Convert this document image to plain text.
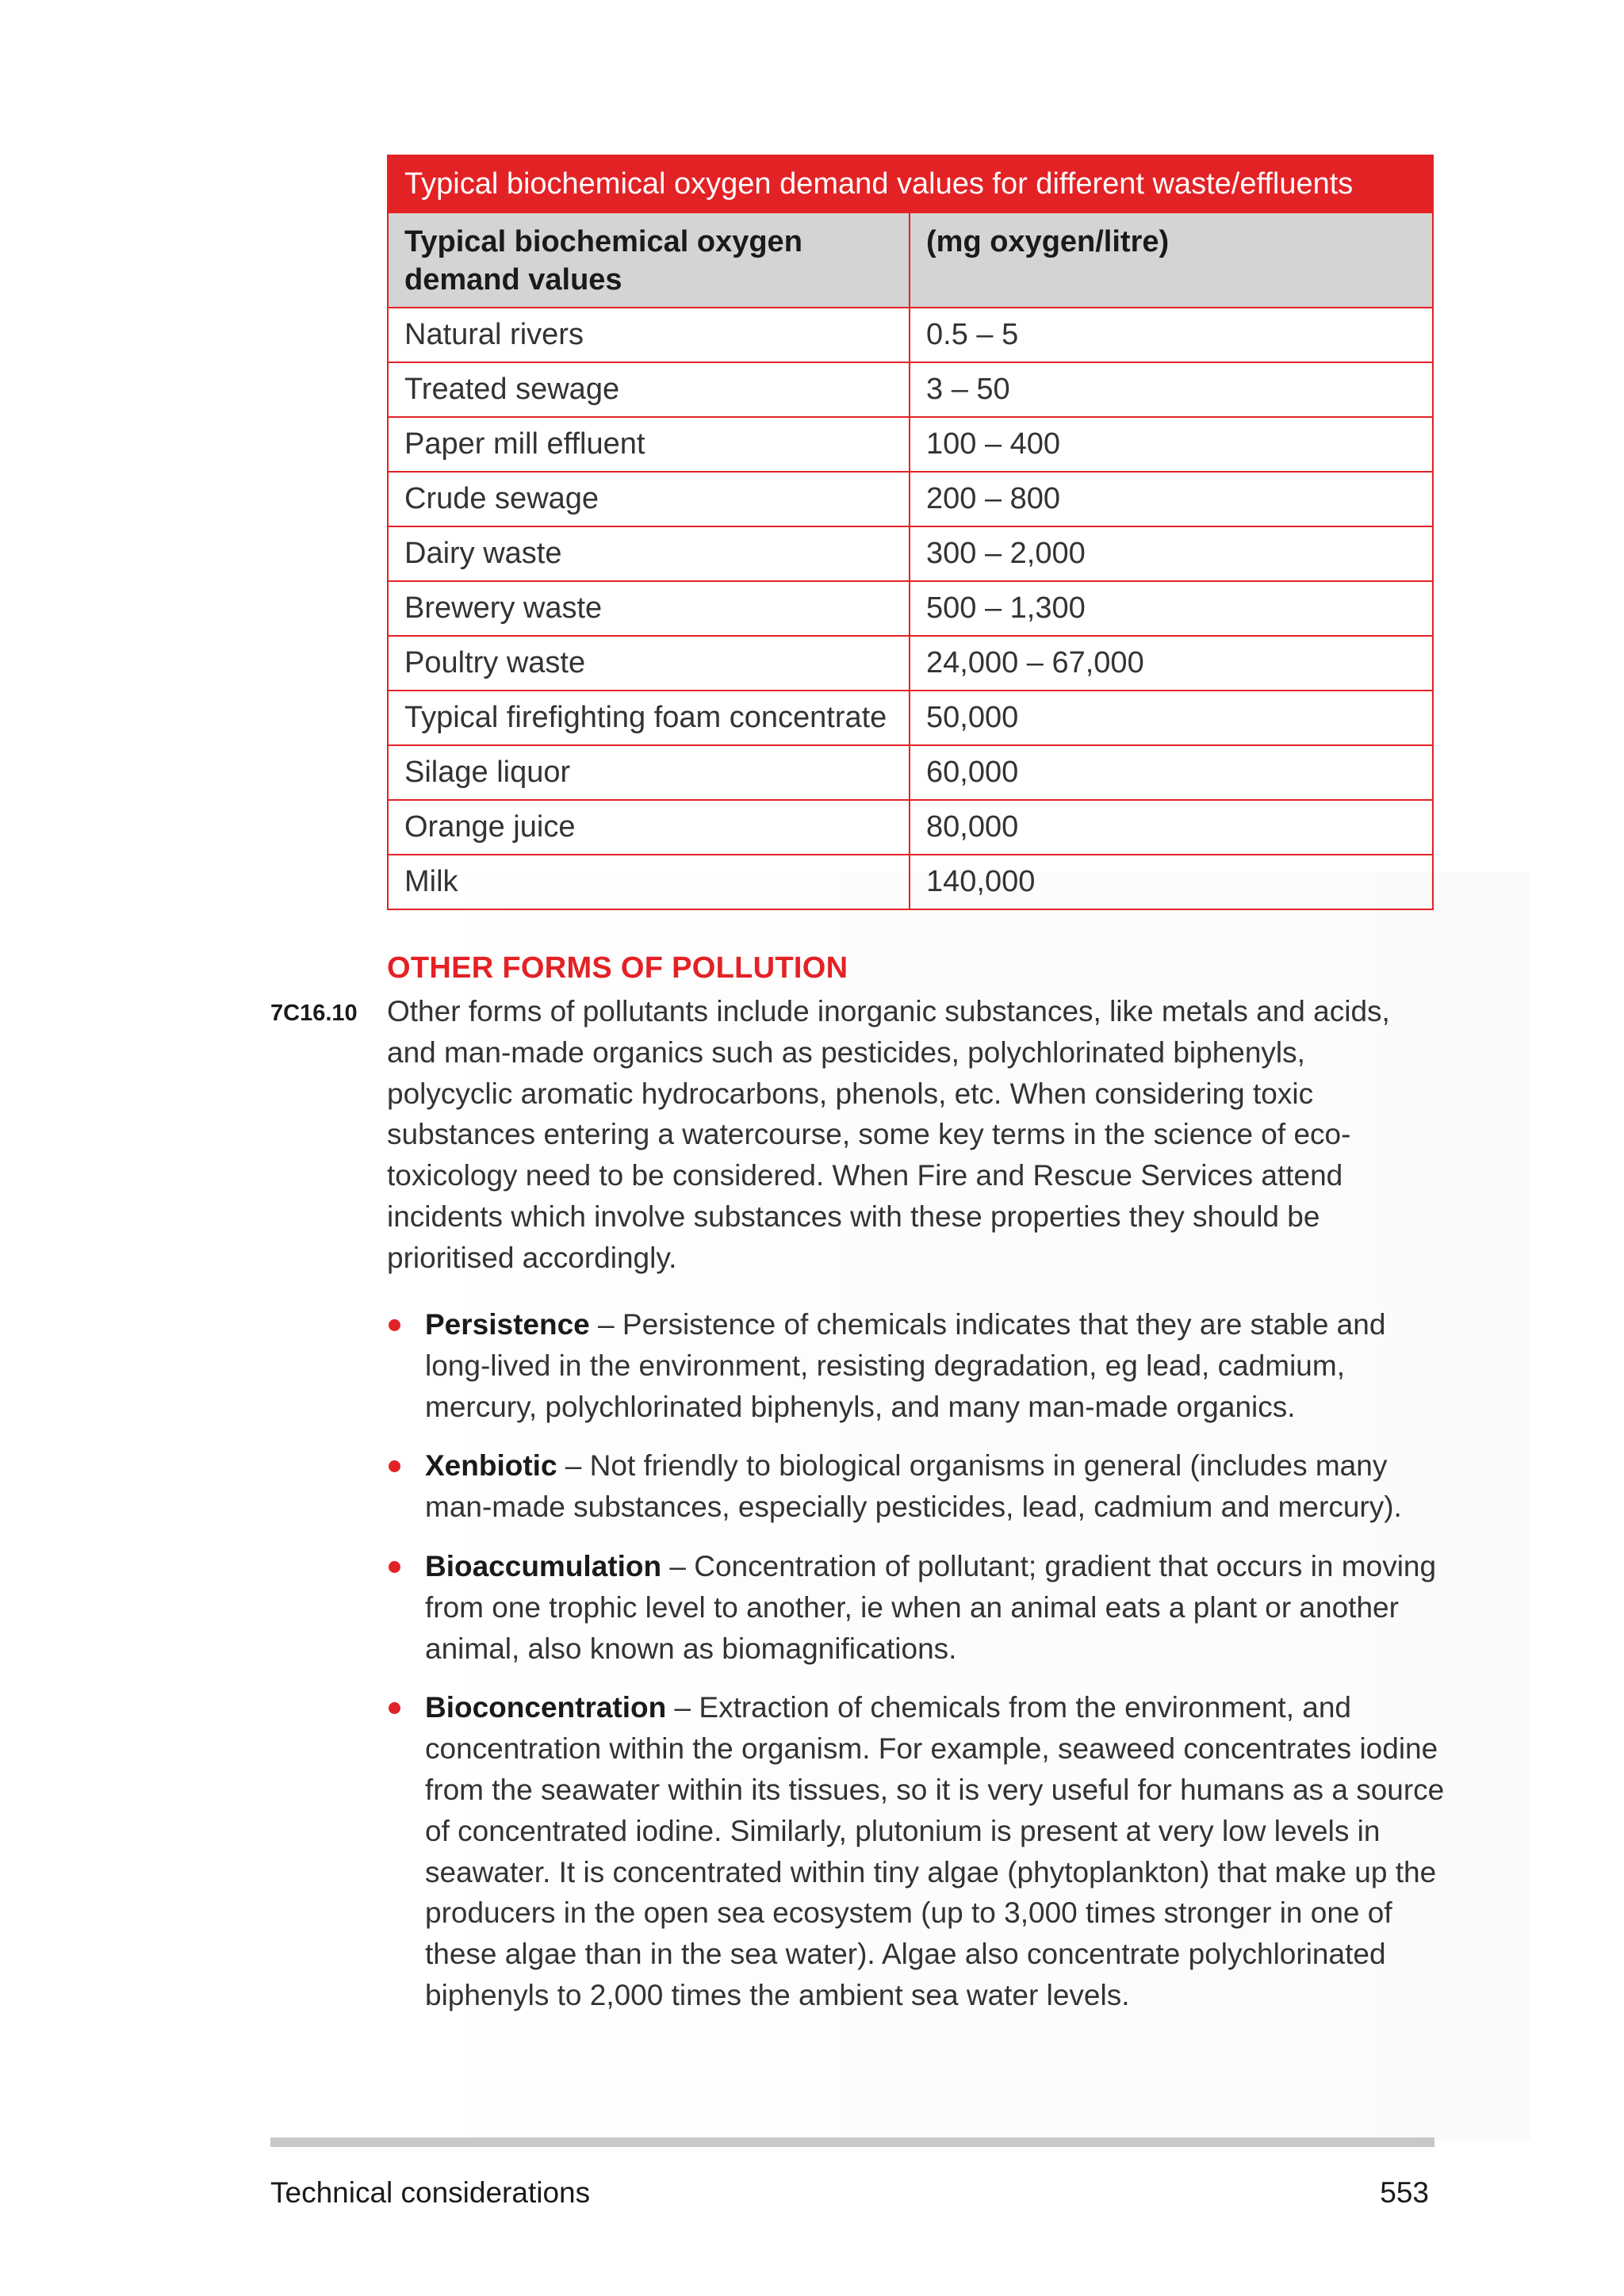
Typical biochemical oxygen demand values for different waste/effluents	
Typical biochemical oxygen demand values	(mg oxygen/litre)
Natural rivers	0.5 – 5
Treated sewage	3 – 50
Paper mill effluent	100 – 400
Crude sewage	200 – 800
Dairy waste	300 – 2,000
Brewery waste	500 – 1,300
Poultry waste	24,000 – 67,000
Typical firefighting foam concentrate	50,000
Silage liquor	60,000
Orange juice	80,000
Milk	140,000
OTHER FORMS OF POLLUTION
7C16.10 Other forms of pollutants include inorganic substances, like metals and acids, and man-made organics such as pesticides, polychlorinated biphenyls, polycyclic aromatic hydrocarbons, phenols, etc. When considering toxic substances entering a watercourse, some key terms in the science of eco-toxicology need to be considered. When Fire and Rescue Services attend incidents which involve substances with these properties they should be prioritised accordingly.

Persistence – Persistence of chemicals indicates that they are stable and long-lived in the environment, resisting degradation, eg lead, cadmium, mercury, polychlorinated biphenyls, and many man-made organics.
Xenbiotic – Not friendly to biological organisms in general (includes many man-made substances, especially pesticides, lead, cadmium and mercury).
Bioaccumulation – Concentration of pollutant; gradient that occurs in moving from one trophic level to another, ie when an animal eats a plant or another animal, also known as biomagnifications.
Bioconcentration – Extraction of chemicals from the environment, and concentration within the organism. For example, seaweed concentrates iodine from the seawater within its tissues, so it is very useful for humans as a source of concentrated iodine. Similarly, plutonium is present at very low levels in seawater. It is concentrated within tiny algae (phytoplankton) that make up the producers in the open sea ecosystem (up to 3,000 times stronger in one of these algae than in the sea water). Algae also concentrate polychlorinated biphenyls to 2,000 times the ambient sea water levels.
Technical considerations	553
